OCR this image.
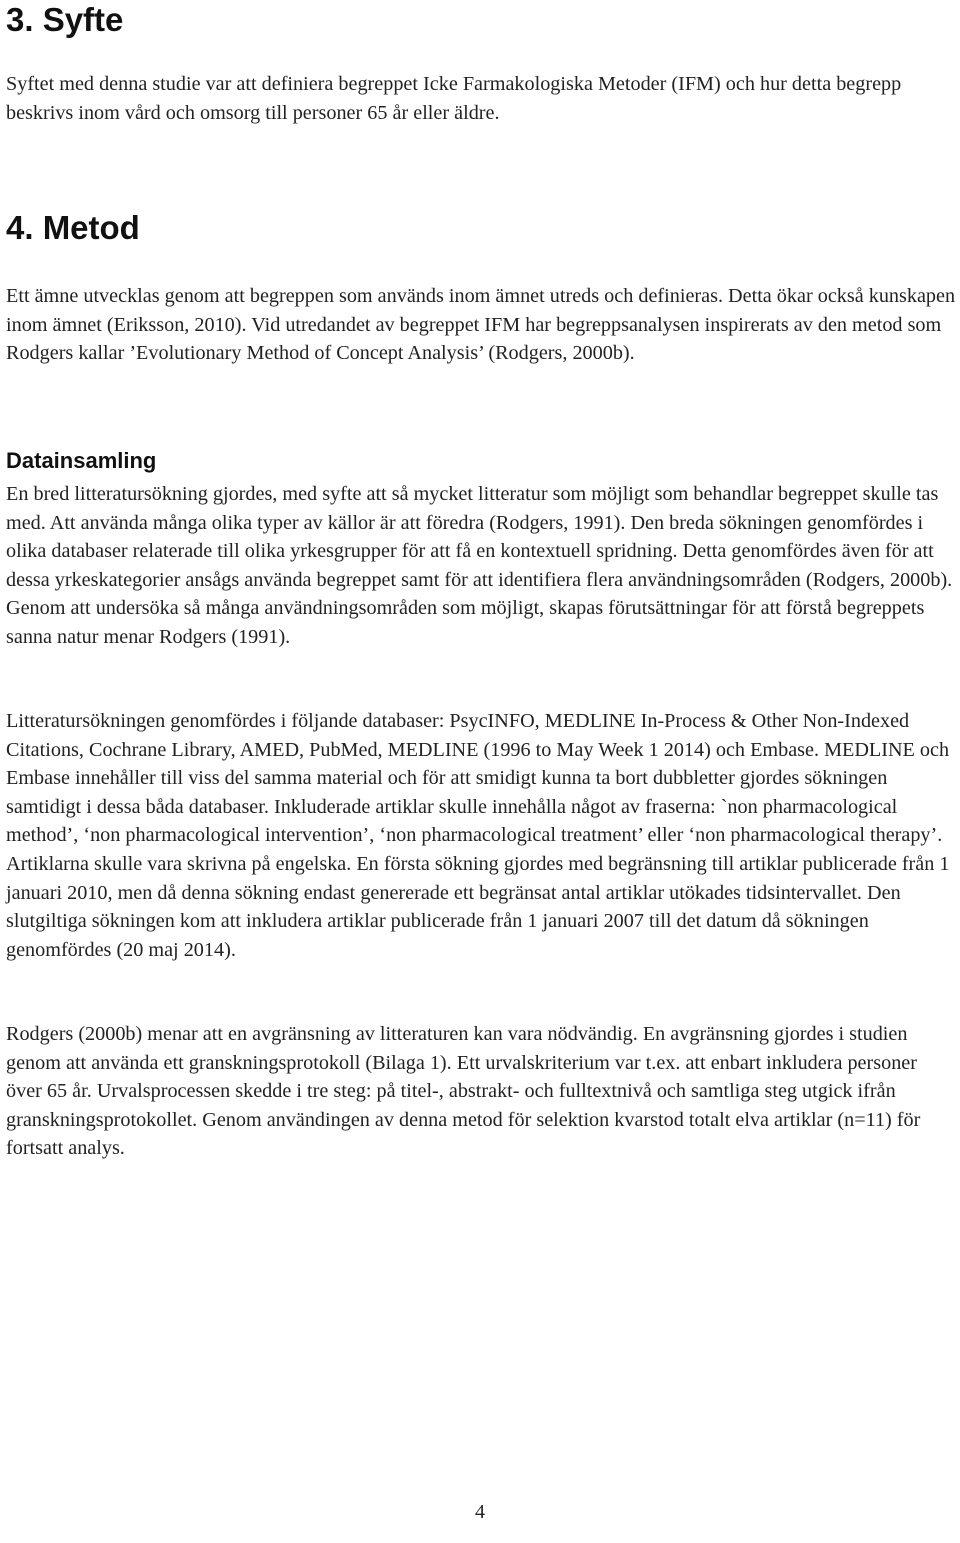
3. Syfte

Syftet med denna studie var att definiera begreppet Icke Farmakologiska Metoder (IFM) och hur detta begrepp beskrivs inom vård och omsorg till personer 65 år eller äldre.

4. Metod

Ett ämne utvecklas genom att begreppen som används inom ämnet utreds och definieras. Detta ökar också kunskapen inom ämnet (Eriksson, 2010). Vid utredandet av begreppet IFM har begreppsanalysen inspirerats av den metod som Rodgers kallar ’Evolutionary Method of Concept Analysis’ (Rodgers, 2000b).

Datainsamling

En bred litteratursökning gjordes, med syfte att så mycket litteratur som möjligt som behandlar begreppet skulle tas med. Att använda många olika typer av källor är att föredra (Rodgers, 1991). Den breda sökningen genomfördes i olika databaser relaterade till olika yrkesgrupper för att få en kontextuell spridning. Detta genomfördes även för att dessa yrkeskategorier ansågs använda begreppet samt för att identifiera flera användningsområden (Rodgers, 2000b). Genom att undersöka så många användningsområden som möjligt, skapas förutsättningar för att förstå begreppets sanna natur menar Rodgers (1991).

Litteratursökningen genomfördes i följande databaser: PsycINFO, MEDLINE In-Process & Other Non-Indexed Citations, Cochrane Library, AMED, PubMed, MEDLINE (1996 to May Week 1 2014) och Embase. MEDLINE och Embase innehåller till viss del samma material och för att smidigt kunna ta bort dubbletter gjordes sökningen samtidigt i dessa båda databaser. Inkluderade artiklar skulle innehålla något av fraserna: `non pharmacological method’, ‘non pharmacological intervention’, ‘non pharmacological treatment’ eller ‘non pharmacological therapy’. Artiklarna skulle vara skrivna på engelska. En första sökning gjordes med begränsning till artiklar publicerade från 1 januari 2010, men då denna sökning endast genererade ett begränsat antal artiklar utökades tidsintervallet. Den slutgiltiga sökningen kom att inkludera artiklar publicerade från 1 januari 2007 till det datum då sökningen genomfördes (20 maj 2014).

Rodgers (2000b) menar att en avgränsning av litteraturen kan vara nödvändig. En avgränsning gjordes i studien genom att använda ett granskningsprotokoll (Bilaga 1). Ett urvalskriterium var t.ex. att enbart inkludera personer över 65 år. Urvalsprocessen skedde i tre steg: på titel-, abstrakt- och fulltextnivå och samtliga steg utgick ifrån granskningsprotokollet. Genom användingen av denna metod för selektion kvarstod totalt elva artiklar (n=11) för fortsatt analys.

4
